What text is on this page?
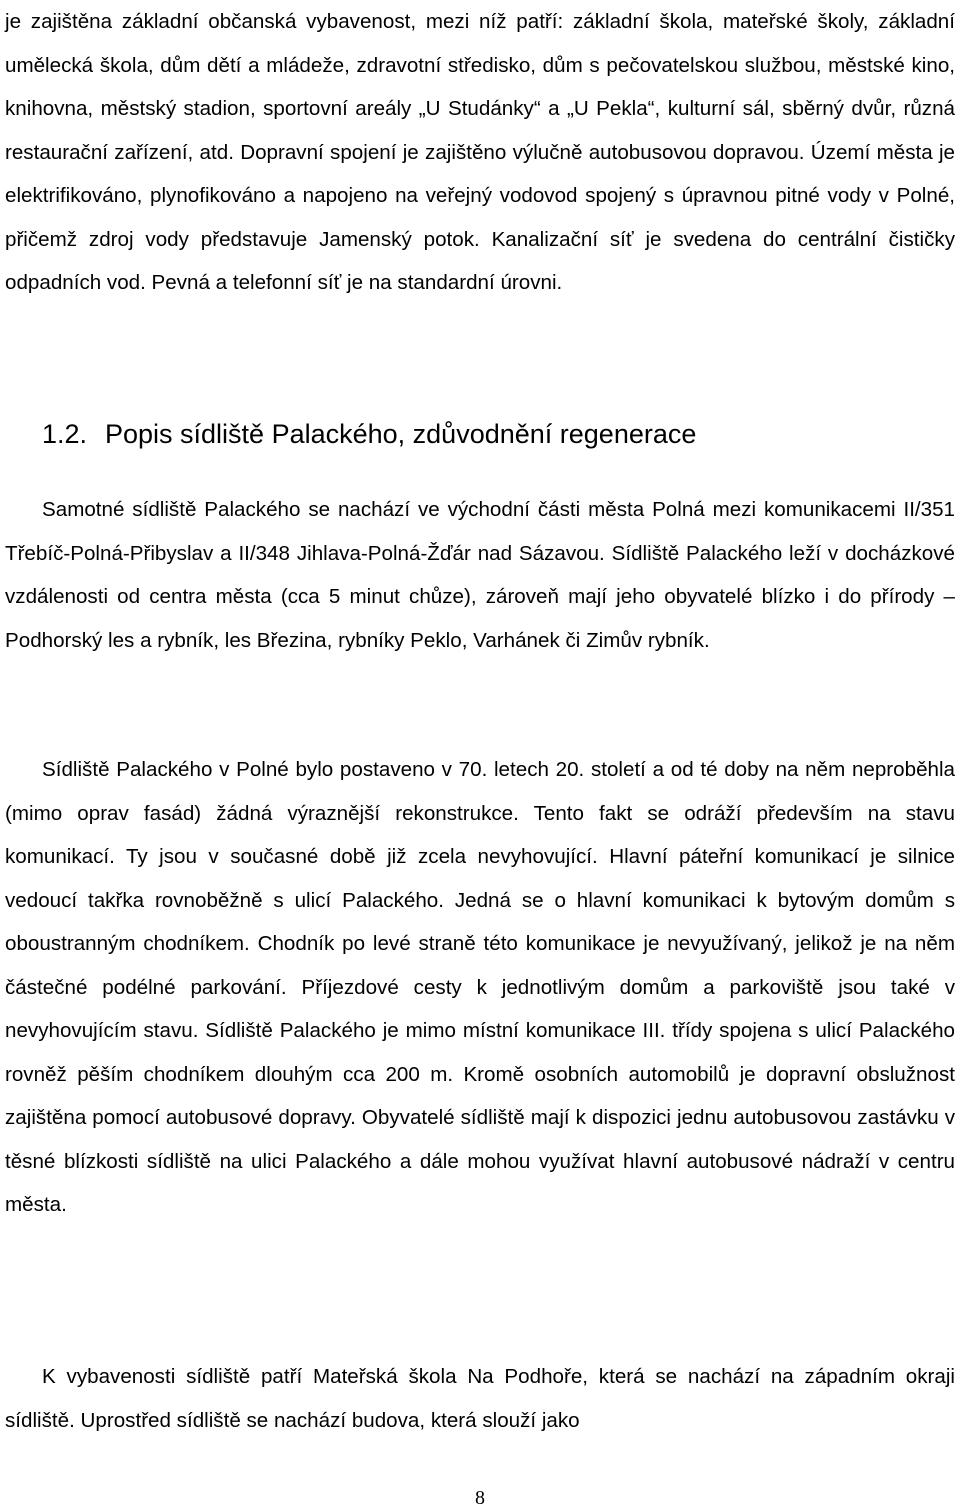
je zajištěna základní občanská vybavenost, mezi níž patří: základní škola, mateřské školy, základní umělecká škola, dům dětí a mládeže, zdravotní středisko, dům s pečovatelskou službou, městské kino, knihovna, městský stadion, sportovní areály „U Studánky“ a „U Pekla“, kulturní sál, sběrný dvůr, různá restaurační zařízení, atd. Dopravní spojení je zajištěno výlučně autobusovou dopravou. Území města je elektrifikováno, plynofikováno a napojeno na veřejný vodovod spojený s úpravnou pitné vody v Polné, přičemž zdroj vody představuje Jamenský potok. Kanalizační síť je svedena do centrální čističky odpadních vod. Pevná a telefonní síť je na standardní úrovni.

1.2. Popis sídliště Palackého, zdůvodnění regenerace

Samotné sídliště Palackého se nachází ve východní části města Polná mezi komunikacemi II/351 Třebíč-Polná-Přibyslav a II/348 Jihlava-Polná-Žďár nad Sázavou. Sídliště Palackého leží v docházkové vzdálenosti od centra města (cca 5 minut chůze), zároveň mají jeho obyvatelé blízko i do přírody – Podhorský les a rybník, les Březina, rybníky Peklo, Varhánek či Zimův rybník.

Sídliště Palackého v Polné bylo postaveno v 70. letech 20. století a od té doby na něm neproběhla (mimo oprav fasád) žádná výraznější rekonstrukce. Tento fakt se odráží především na stavu komunikací. Ty jsou v současné době již zcela nevyhovující. Hlavní páteřní komunikací je silnice vedoucí takřka rovnoběžně s ulicí Palackého. Jedná se o hlavní komunikaci k bytovým domům s oboustranným chodníkem. Chodník po levé straně této komunikace je nevyužívaný, jelikož je na něm částečné podélné parkování. Příjezdové cesty k jednotlivým domům a parkoviště jsou také v nevyhovujícím stavu. Sídliště Palackého je mimo místní komunikace III. třídy spojena s ulicí Palackého rovněž pěším chodníkem dlouhým cca 200 m. Kromě osobních automobilů je dopravní obslužnost zajištěna pomocí autobusové dopravy. Obyvatelé sídliště mají k dispozici jednu autobusovou zastávku v těsné blízkosti sídliště na ulici Palackého a dále mohou využívat hlavní autobusové nádraží v centru města.

K vybavenosti sídliště patří Mateřská škola Na Podhoře, která se nachází na západním okraji sídliště. Uprostřed sídliště se nachází budova, která slouží jako

8
